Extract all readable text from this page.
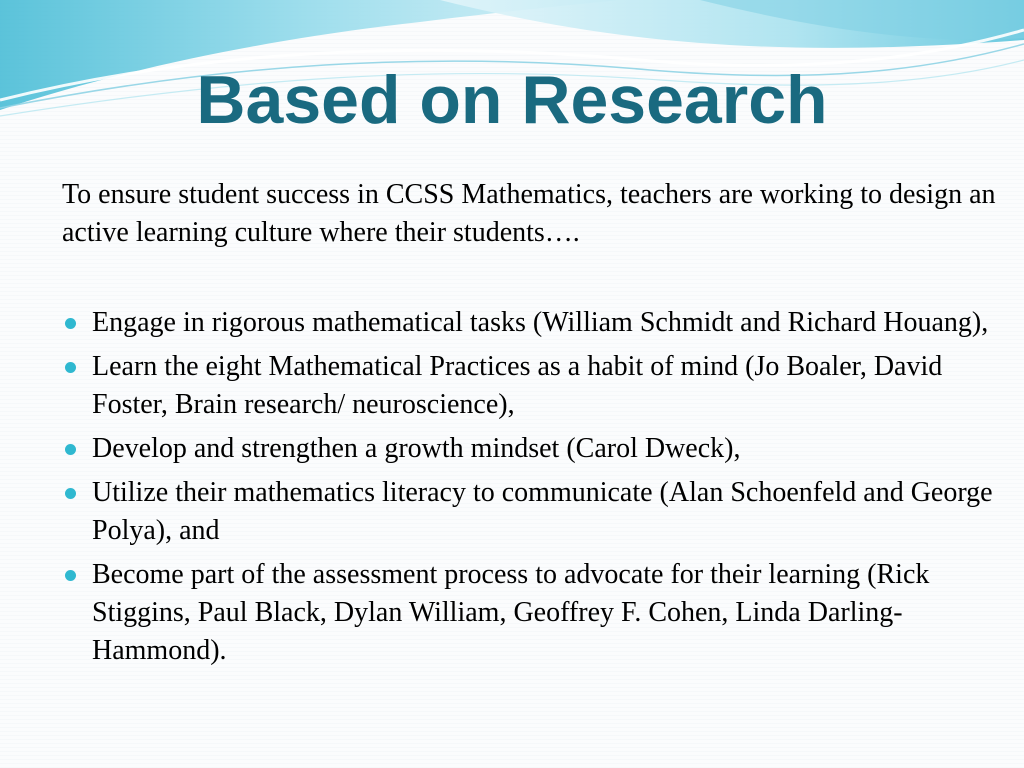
Based on Research

To ensure student success in CCSS Mathematics, teachers are working to design an active learning culture where their students….

Engage in rigorous mathematical tasks (William Schmidt and Richard Houang),
Learn the eight Mathematical Practices as a habit of mind (Jo Boaler, David Foster, Brain research/ neuroscience),
Develop and strengthen a growth mindset (Carol Dweck),
Utilize their mathematics literacy to communicate (Alan Schoenfeld and George Polya), and
Become part of the assessment process to advocate for their learning (Rick Stiggins, Paul Black, Dylan William, Geoffrey F. Cohen, Linda Darling-Hammond).
